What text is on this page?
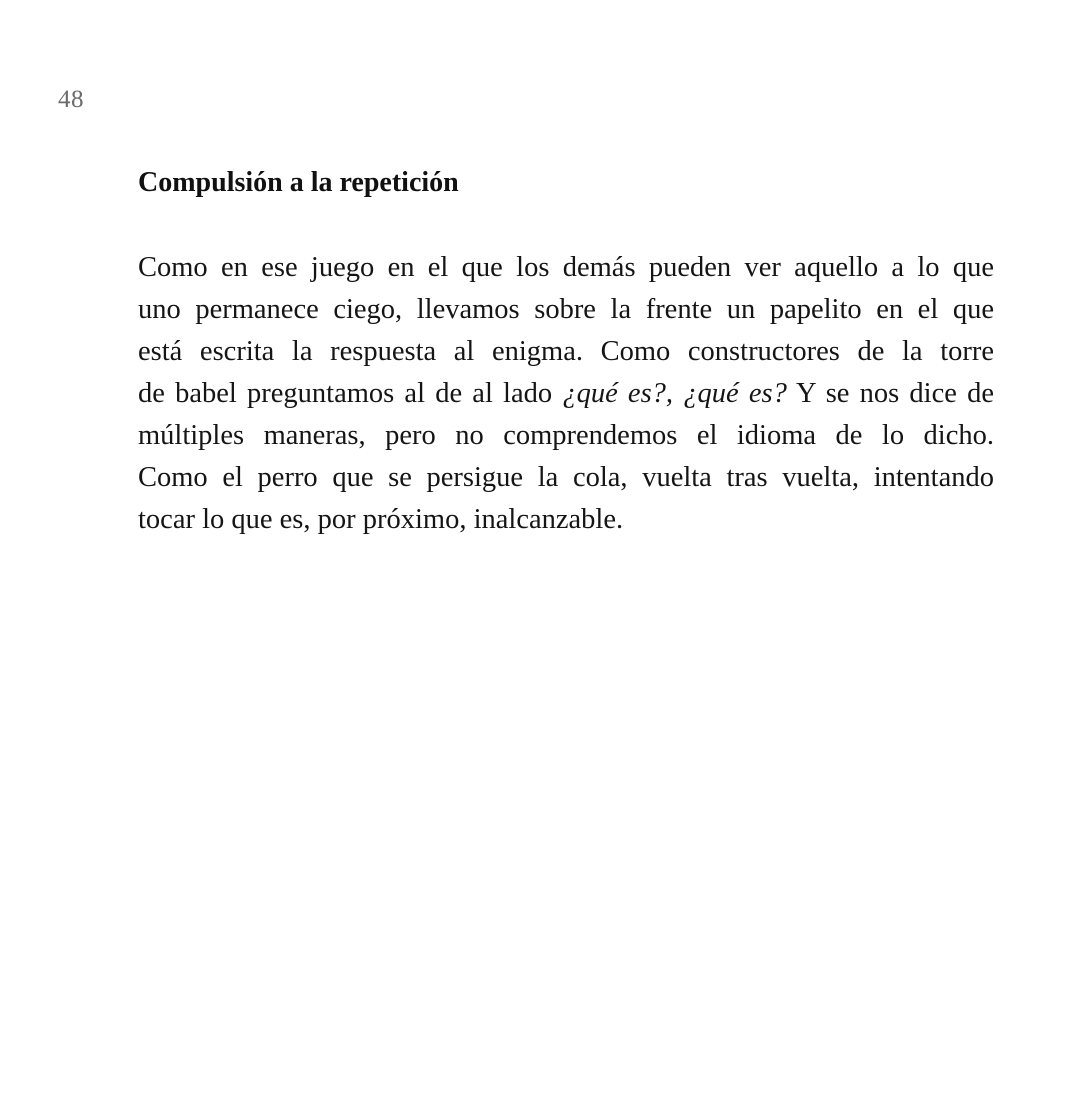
48
Compulsión a la repetición

Como en ese juego en el que los demás pueden ver aquello a lo que
uno permanece ciego, llevamos sobre la frente un papelito en el que
está escrita la respuesta al enigma. Como constructores de la torre
de babel preguntamos al de al lado ¿qué es?, ¿qué es? Y se nos dice de
múltiples maneras, pero no comprendemos el idioma de lo dicho.
Como el perro que se persigue la cola, vuelta tras vuelta, intentando
tocar lo que es, por próximo, inalcanzable.
